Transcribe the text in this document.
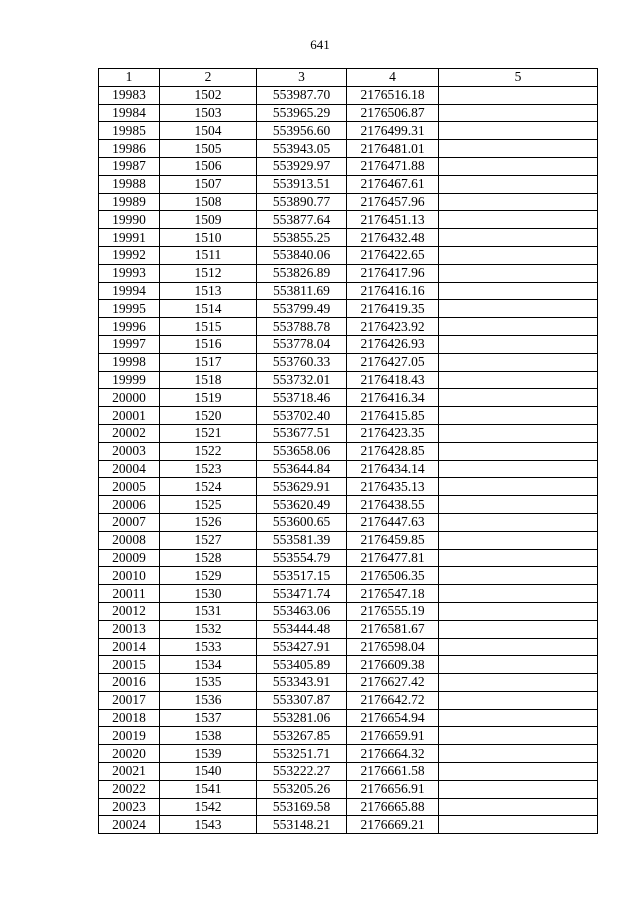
641
1	2	3	4	5
19983	1502	553987.70	2176516.18	
19984	1503	553965.29	2176506.87	
19985	1504	553956.60	2176499.31	
19986	1505	553943.05	2176481.01	
19987	1506	553929.97	2176471.88	
19988	1507	553913.51	2176467.61	
19989	1508	553890.77	2176457.96	
19990	1509	553877.64	2176451.13	
19991	1510	553855.25	2176432.48	
19992	1511	553840.06	2176422.65	
19993	1512	553826.89	2176417.96	
19994	1513	553811.69	2176416.16	
19995	1514	553799.49	2176419.35	
19996	1515	553788.78	2176423.92	
19997	1516	553778.04	2176426.93	
19998	1517	553760.33	2176427.05	
19999	1518	553732.01	2176418.43	
20000	1519	553718.46	2176416.34	
20001	1520	553702.40	2176415.85	
20002	1521	553677.51	2176423.35	
20003	1522	553658.06	2176428.85	
20004	1523	553644.84	2176434.14	
20005	1524	553629.91	2176435.13	
20006	1525	553620.49	2176438.55	
20007	1526	553600.65	2176447.63	
20008	1527	553581.39	2176459.85	
20009	1528	553554.79	2176477.81	
20010	1529	553517.15	2176506.35	
20011	1530	553471.74	2176547.18	
20012	1531	553463.06	2176555.19	
20013	1532	553444.48	2176581.67	
20014	1533	553427.91	2176598.04	
20015	1534	553405.89	2176609.38	
20016	1535	553343.91	2176627.42	
20017	1536	553307.87	2176642.72	
20018	1537	553281.06	2176654.94	
20019	1538	553267.85	2176659.91	
20020	1539	553251.71	2176664.32	
20021	1540	553222.27	2176661.58	
20022	1541	553205.26	2176656.91	
20023	1542	553169.58	2176665.88	
20024	1543	553148.21	2176669.21	
